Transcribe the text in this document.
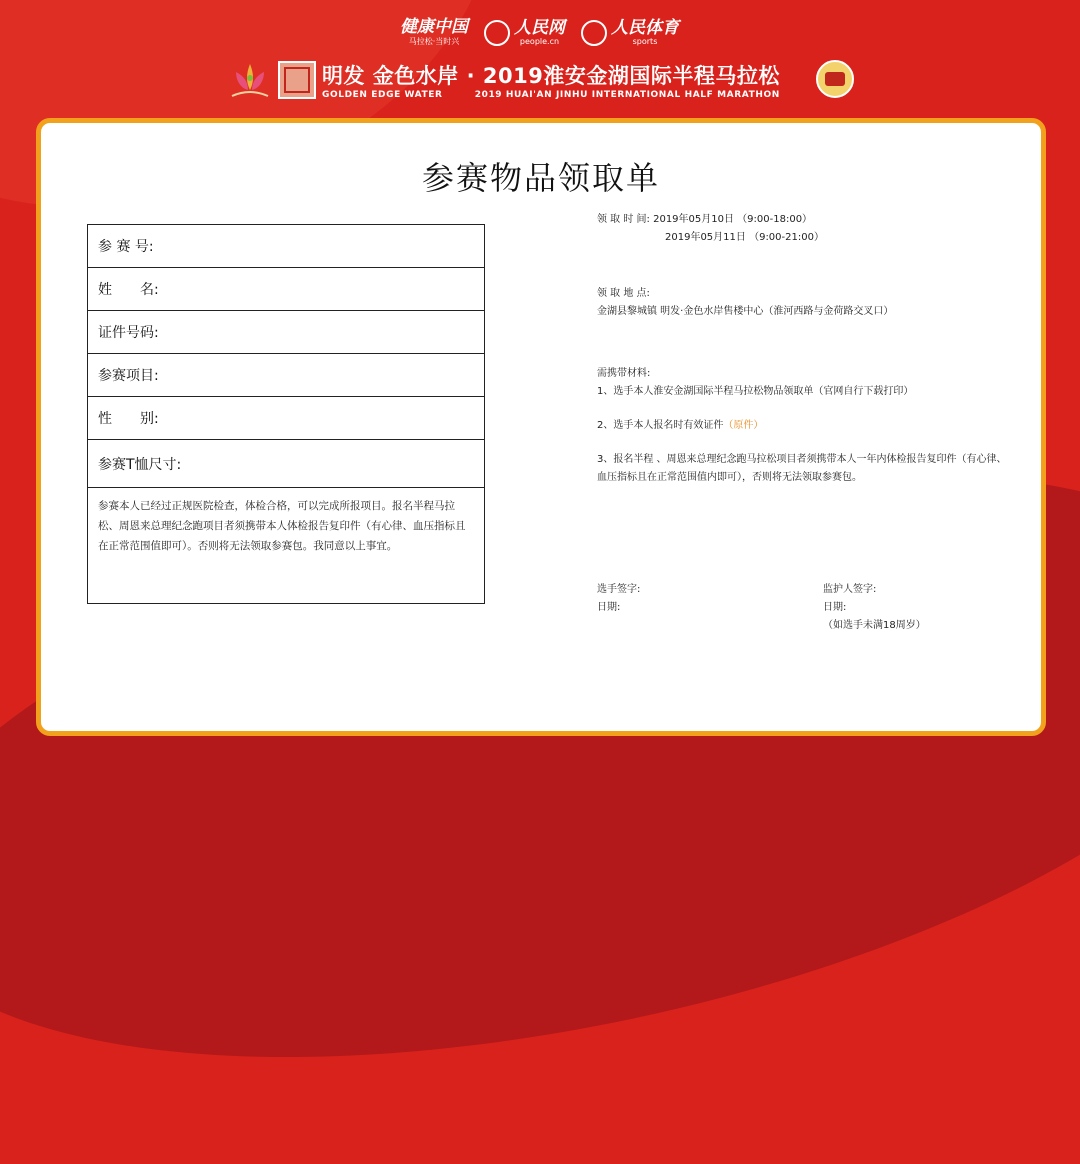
健康中国
马拉松·当时兴
人民网
people.cn
人民体育
sports
明发 金色水岸 · 2019淮安金湖国际半程马拉松
GOLDEN EDGE WATER	2019 HUAI'AN JINHU INTERNATIONAL HALF MARATHON
参赛物品领取单
参 赛 号:
姓　　名:
证件号码:
参赛项目:
性　　别:
参赛T恤尺寸:
参赛本人已经过正规医院检查，体检合格，可以完成所报项目。报名半程马拉松、周恩来总理纪念跑项目者须携带本人体检报告复印件（有心律、血压指标且在正常范围值即可）。否则将无法领取参赛包。我同意以上事宜。
领 取 时 间: 2019年05月10日 （9:00-18:00）
2019年05月11日 （9:00-21:00）
领 取 地 点:
金湖县黎城镇 明发·金色水岸售楼中心（淮河西路与金荷路交叉口）
需携带材料:
1、选手本人淮安金湖国际半程马拉松物品领取单（官网自行下载打印）
2、选手本人报名时有效证件（原件）
3、报名半程 、周恩来总理纪念跑马拉松项目者须携带本人一年内体检报告复印件（有心律、血压指标且在正常范围值内即可），否则将无法领取参赛包。
选手签字:
日期:
监护人签字:
日期:
（如选手未满18周岁）
